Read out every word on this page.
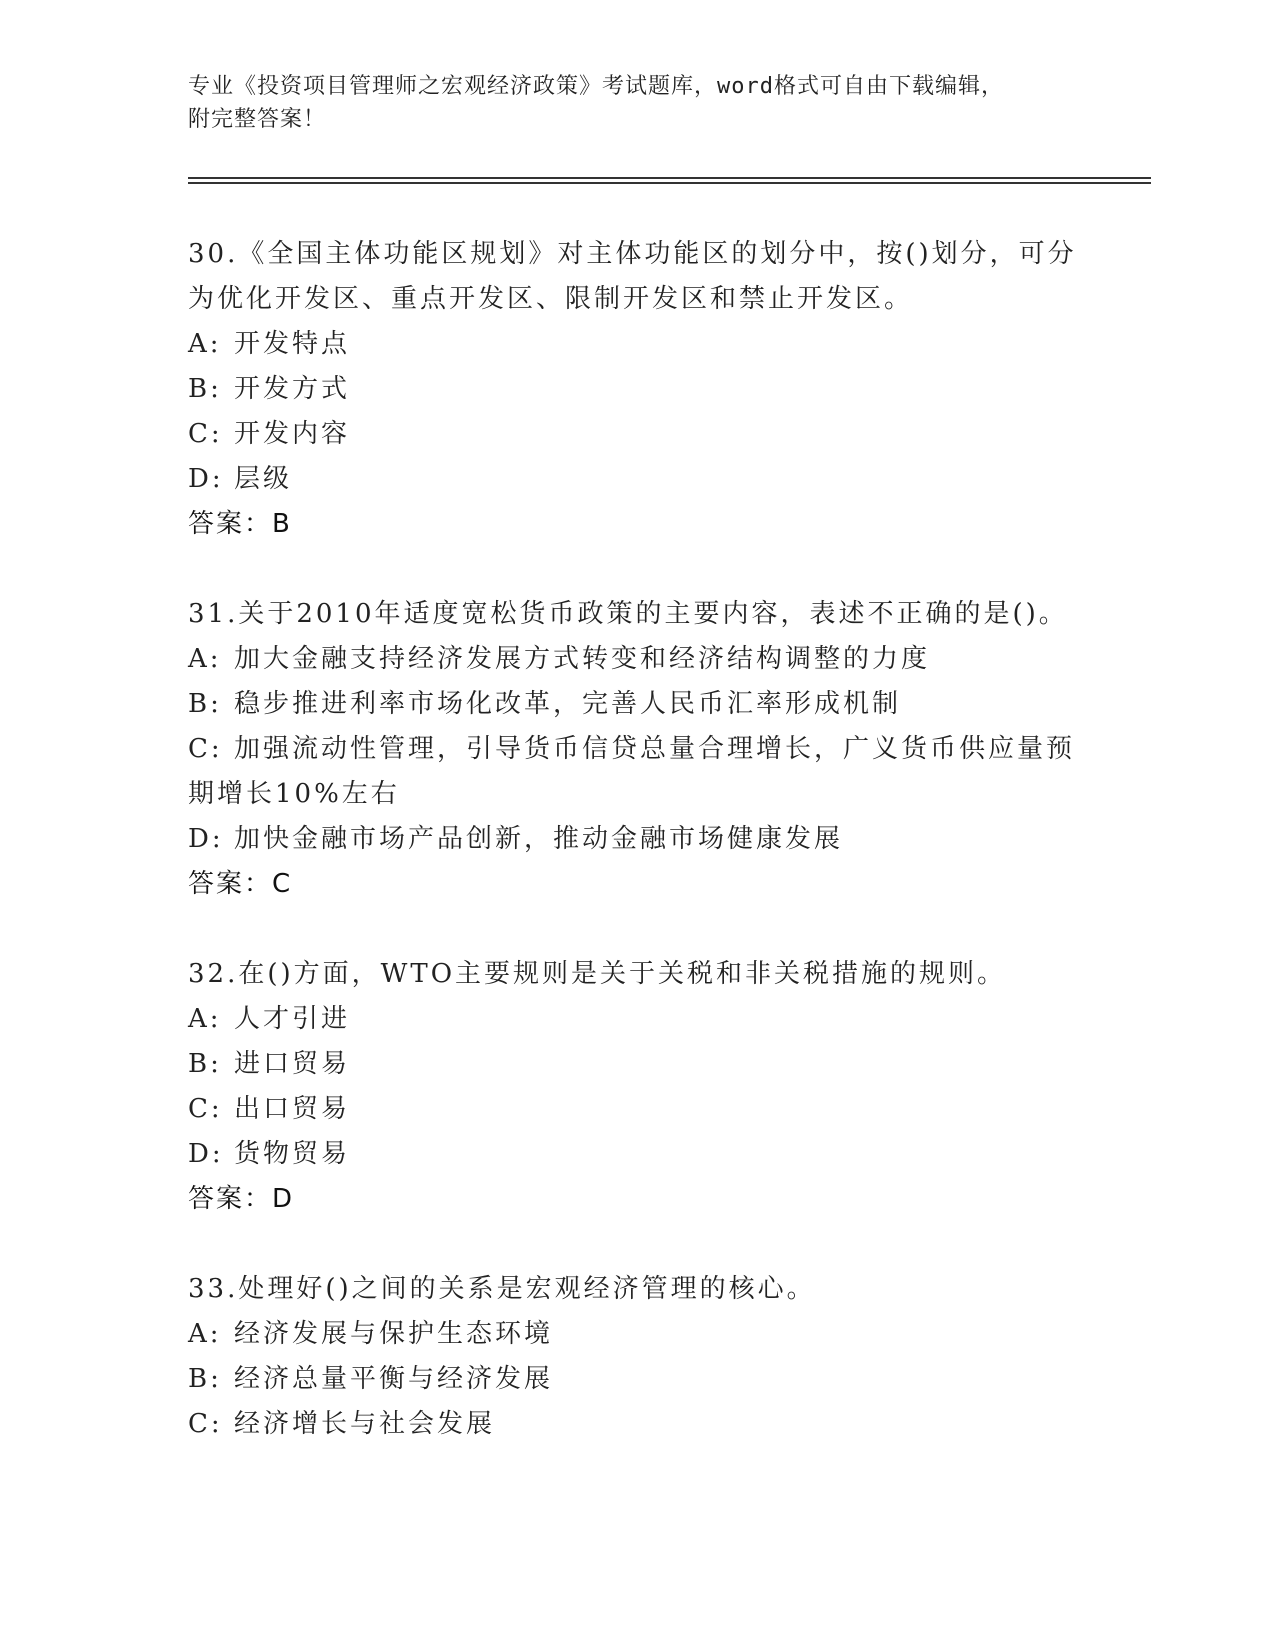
专业《投资项目管理师之宏观经济政策》考试题库，word格式可自由下载编辑，
附完整答案！
30.《全国主体功能区规划》对主体功能区的划分中，按()划分，可分
为优化开发区、重点开发区、限制开发区和禁止开发区。
A: 开发特点
B: 开发方式
C: 开发内容
D: 层级
答案：B
31.关于2010年适度宽松货币政策的主要内容，表述不正确的是()。
A: 加大金融支持经济发展方式转变和经济结构调整的力度
B: 稳步推进利率市场化改革，完善人民币汇率形成机制
C: 加强流动性管理，引导货币信贷总量合理增长，广义货币供应量预
期增长10%左右
D: 加快金融市场产品创新，推动金融市场健康发展
答案：C
32.在()方面，WTO主要规则是关于关税和非关税措施的规则。
A: 人才引进
B: 进口贸易
C: 出口贸易
D: 货物贸易
答案：D
33.处理好()之间的关系是宏观经济管理的核心。
A: 经济发展与保护生态环境
B: 经济总量平衡与经济发展
C: 经济增长与社会发展
